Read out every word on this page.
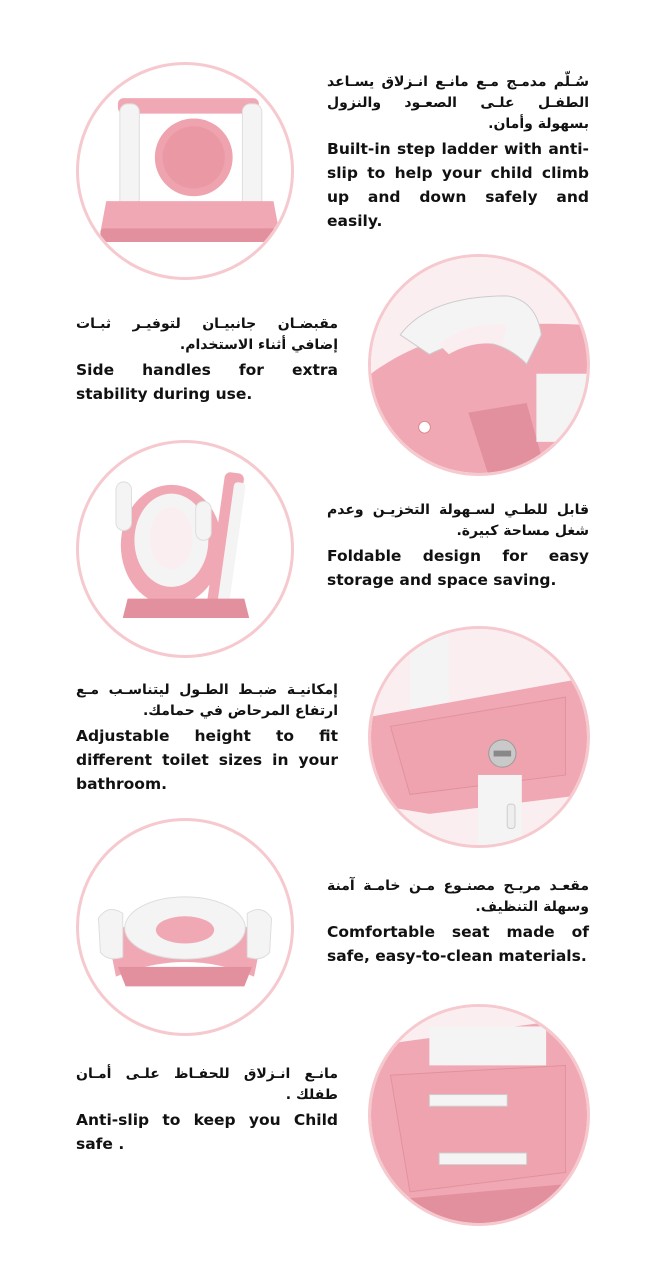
سُـلّم مدمـج مـع مانـع انـزلاق يسـاعد الطفـل علـى الصعـود والنزول بسهولة وأمان.
Built-in step ladder with anti-slip to help your child climb up and down safely and easily.
مقبضـان جانبيـان لتوفيـر ثبـات إضافي أثناء الاستخدام.
Side handles for extra stability during use.
قابل للطـي لسـهولة التخزيـن وعدم شغل مساحة كبيرة.
Foldable design for easy storage and space saving.
إمكانيـة ضبـط الطـول ليتناسـب مـع ارتفاع المرحاض في حمامك.
Adjustable height to fit different toilet sizes in your bathroom.
مقعـد مريـح مصنـوع مـن خامـة آمنة وسهلة التنظيف.
Comfortable seat made of safe, easy-to-clean materials.
مانـع انـزلاق للحفـاظ علـى أمـان طفلك .
Anti-slip to keep you Child safe .
